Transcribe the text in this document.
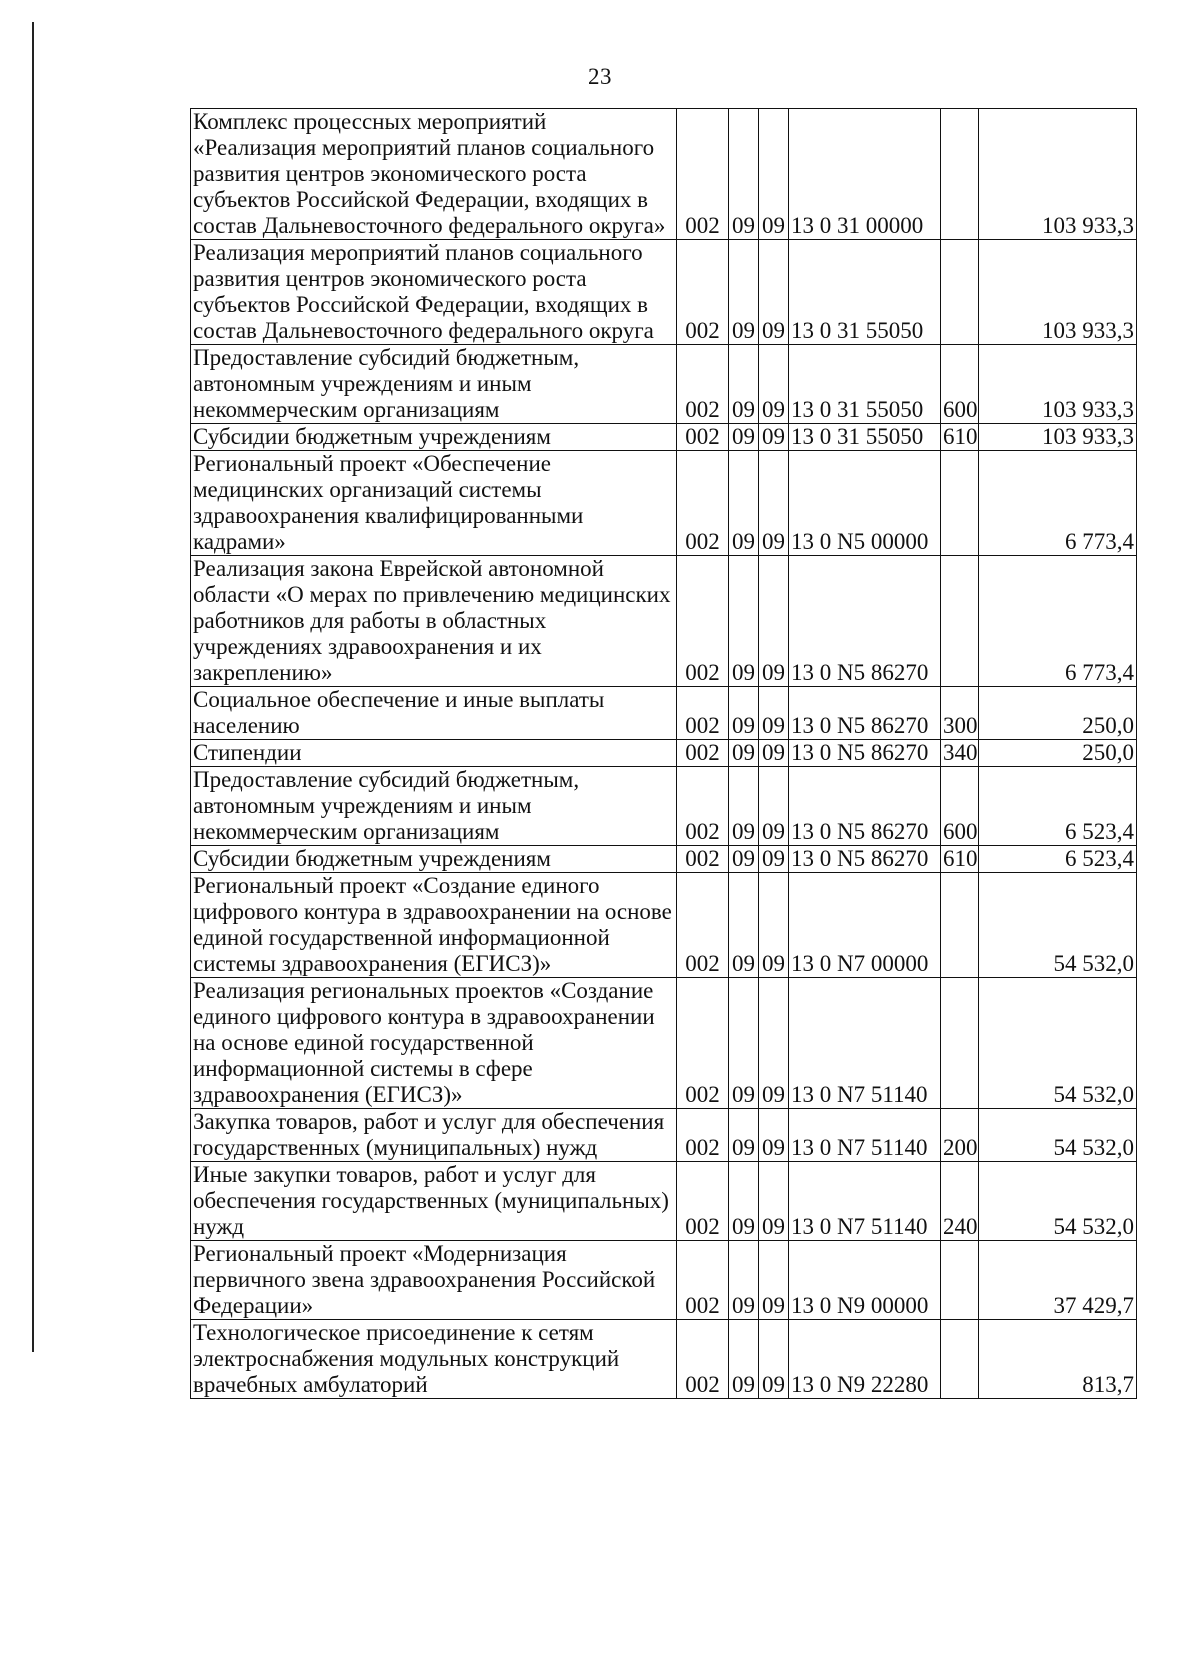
23
Комплекс процессных мероприятий «Реализация мероприятий планов социального развития центров экономического роста субъектов Российской Федерации, входящих в состав Дальневосточного федерального округа»	002	09	09	13 0 31 00000		103 933,3
Реализация мероприятий планов социального развития центров экономического роста субъектов Российской Федерации, входящих в состав Дальневосточного федерального округа	002	09	09	13 0 31 55050		103 933,3
Предоставление субсидий бюджетным, автономным учреждениям и иным некоммерческим организациям	002	09	09	13 0 31 55050	600	103 933,3
Субсидии бюджетным учреждениям	002	09	09	13 0 31 55050	610	103 933,3
Региональный проект «Обеспечение медицинских организаций системы здравоохранения квалифицированными кадрами»	002	09	09	13 0 N5 00000		6 773,4
Реализация закона Еврейской автономной области «О мерах по привлечению медицинских работников для работы в областных учреждениях здравоохранения и их закреплению»	002	09	09	13 0 N5 86270		6 773,4
Социальное обеспечение и иные выплаты населению	002	09	09	13 0 N5 86270	300	250,0
Стипендии	002	09	09	13 0 N5 86270	340	250,0
Предоставление субсидий бюджетным, автономным учреждениям и иным некоммерческим организациям	002	09	09	13 0 N5 86270	600	6 523,4
Субсидии бюджетным учреждениям	002	09	09	13 0 N5 86270	610	6 523,4
Региональный проект «Создание единого цифрового контура в здравоохранении на основе единой государственной информационной системы здравоохранения (ЕГИСЗ)»	002	09	09	13 0 N7 00000		54 532,0
Реализация региональных проектов «Создание единого цифрового контура в здравоохранении на основе единой государственной информационной системы в сфере здравоохранения (ЕГИСЗ)»	002	09	09	13 0 N7 51140		54 532,0
Закупка товаров, работ и услуг для обеспечения государственных (муниципальных) нужд	002	09	09	13 0 N7 51140	200	54 532,0
Иные закупки товаров, работ и услуг для обеспечения государственных (муниципальных) нужд	002	09	09	13 0 N7 51140	240	54 532,0
Региональный проект «Модернизация первичного звена здравоохранения Российской Федерации»	002	09	09	13 0 N9 00000		37 429,7
Технологическое присоединение к сетям электроснабжения модульных конструкций врачебных амбулаторий	002	09	09	13 0 N9 22280		813,7
